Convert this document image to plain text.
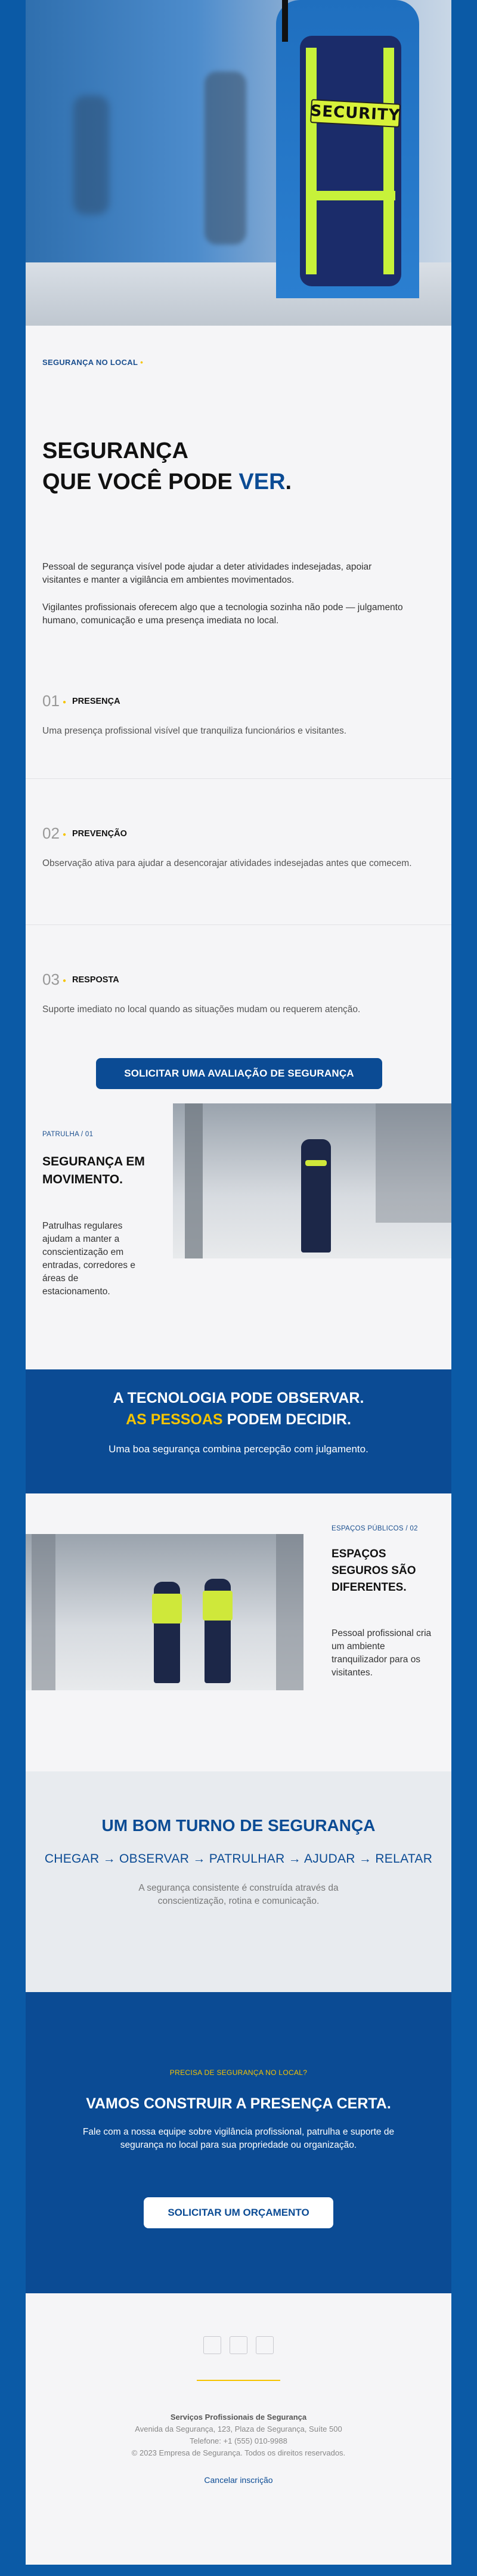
SECURITY
SEGURANÇA NO LOCAL •
SEGURANÇA
QUE VOCÊ PODE VER.
Pessoal de segurança visível pode ajudar a deter atividades indesejadas, apoiar visitantes e manter a vigilância em ambientes movimentados.
Vigilantes profissionais oferecem algo que a tecnologia sozinha não pode — julgamento humano, comunicação e uma presença imediata no local.
01 ● PRESENÇA
Uma presença profissional visível que tranquiliza funcionários e visitantes.
02 ● PREVENÇÃO
Observação ativa para ajudar a desencorajar atividades indesejadas antes que comecem.
03 ● RESPOSTA
Suporte imediato no local quando as situações mudam ou requerem atenção.
SOLICITAR UMA AVALIAÇÃO DE SEGURANÇA
PATRULHA / 01
SEGURANÇA EM MOVIMENTO.
Patrulhas regulares ajudam a manter a conscientização em entradas, corredores e áreas de estacionamento.
A TECNOLOGIA PODE OBSERVAR.
AS PESSOAS PODEM DECIDIR.
Uma boa segurança combina percepção com julgamento.
ESPAÇOS PÚBLICOS / 02
ESPAÇOS SEGUROS SÃO DIFERENTES.
Pessoal profissional cria um ambiente tranquilizador para os visitantes.
UM BOM TURNO DE SEGURANÇA
CHEGAR → OBSERVAR → PATRULHAR → AJUDAR → RELATAR
A segurança consistente é construída através da conscientização, rotina e comunicação.
PRECISA DE SEGURANÇA NO LOCAL?
VAMOS CONSTRUIR A PRESENÇA CERTA.
Fale com a nossa equipe sobre vigilância profissional, patrulha e suporte de segurança no local para sua propriedade ou organização.
SOLICITAR UM ORÇAMENTO
Serviços Profissionais de Segurança
Avenida da Segurança, 123, Plaza de Segurança, Suíte 500
Telefone: +1 (555) 010-9988
© 2023 Empresa de Segurança. Todos os direitos reservados.
Cancelar inscrição
